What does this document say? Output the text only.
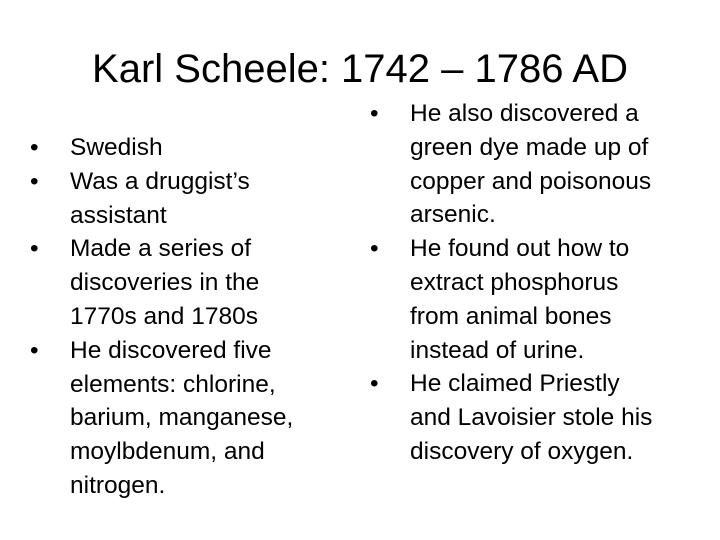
Karl Scheele: 1742 – 1786 AD
•	Swedish
•	Was a druggist’s
assistant
•	Made a series of
discoveries in the
1770s and 1780s
•	He discovered five
elements: chlorine,
barium, manganese,
moylbdenum, and
nitrogen.
•	He also discovered a
green dye made up of
copper and poisonous
arsenic.
•	He found out how to
extract phosphorus
from animal bones
instead of urine.
•	He claimed Priestly
and Lavoisier stole his
discovery of oxygen.
